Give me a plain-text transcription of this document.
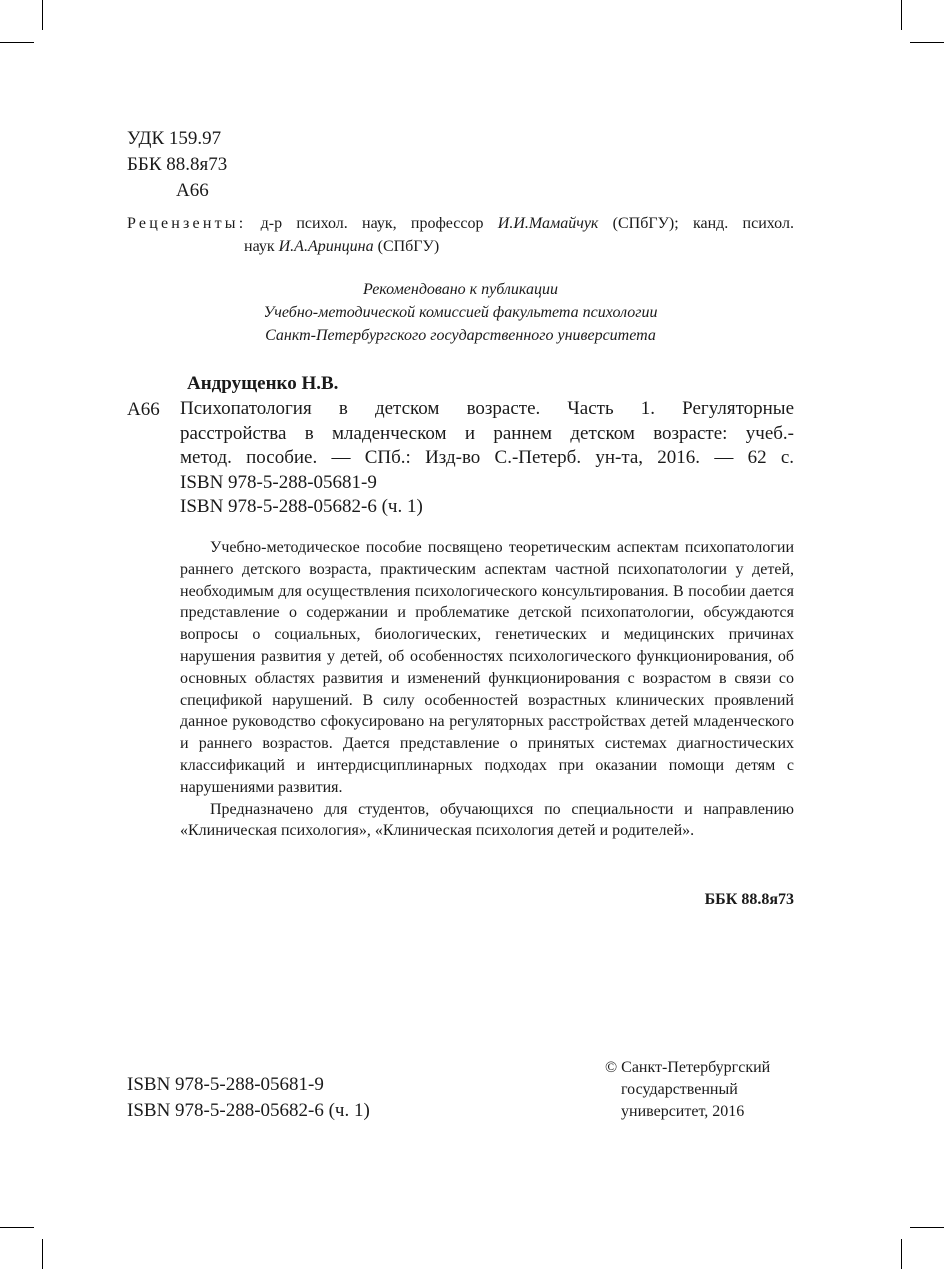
УДК 159.97
ББК 88.8я73
А66
Рецензенты: д-р психол. наук, профессор И.И.Мамайчук (СПбГУ); канд. психол.
наук И.А.Аринцина (СПбГУ)
Рекомендовано к публикации
Учебно-методической комиссией факультета психологии
Санкт-Петербургского государственного университета
Андрущенко Н.В.
А66 Психопатология в детском возрасте. Часть 1. Регуляторные
расстройства в младенческом и раннем детском возрасте: учеб.-
метод. пособие. — СПб.: Изд-во С.-Петерб. ун-та, 2016. — 62 с.
ISBN 978-5-288-05681-9
ISBN 978-5-288-05682-6 (ч. 1)

Учебно-методическое пособие посвящено теоретическим аспектам психопатологии раннего детского возраста, практическим аспектам частной психопатологии у детей, необходимым для осуществления психологического консультирования. В пособии дается представление о содержании и проблематике детской психопатологии, обсуждаются вопросы о социальных, биологических, генетических и медицинских причинах нарушения развития у детей, об особенностях психологического функционирования, об основных областях развития и изменений функционирования с возрастом в связи со спецификой нарушений. В силу особенностей возрастных клинических проявлений данное руководство сфокусировано на регуляторных расстройствах детей младенческого и раннего возрастов. Дается представление о принятых системах диагностических классификаций и интердисциплинарных подходах при оказании помощи детям с нарушениями развития.

Предназначено для студентов, обучающихся по специальности и направлению «Клиническая психология», «Клиническая психология детей и родителей».

ББК 88.8я73
ISBN 978-5-288-05681-9
ISBN 978-5-288-05682-6 (ч. 1)
© Санкт-Петербургский
государственный
университет, 2016
